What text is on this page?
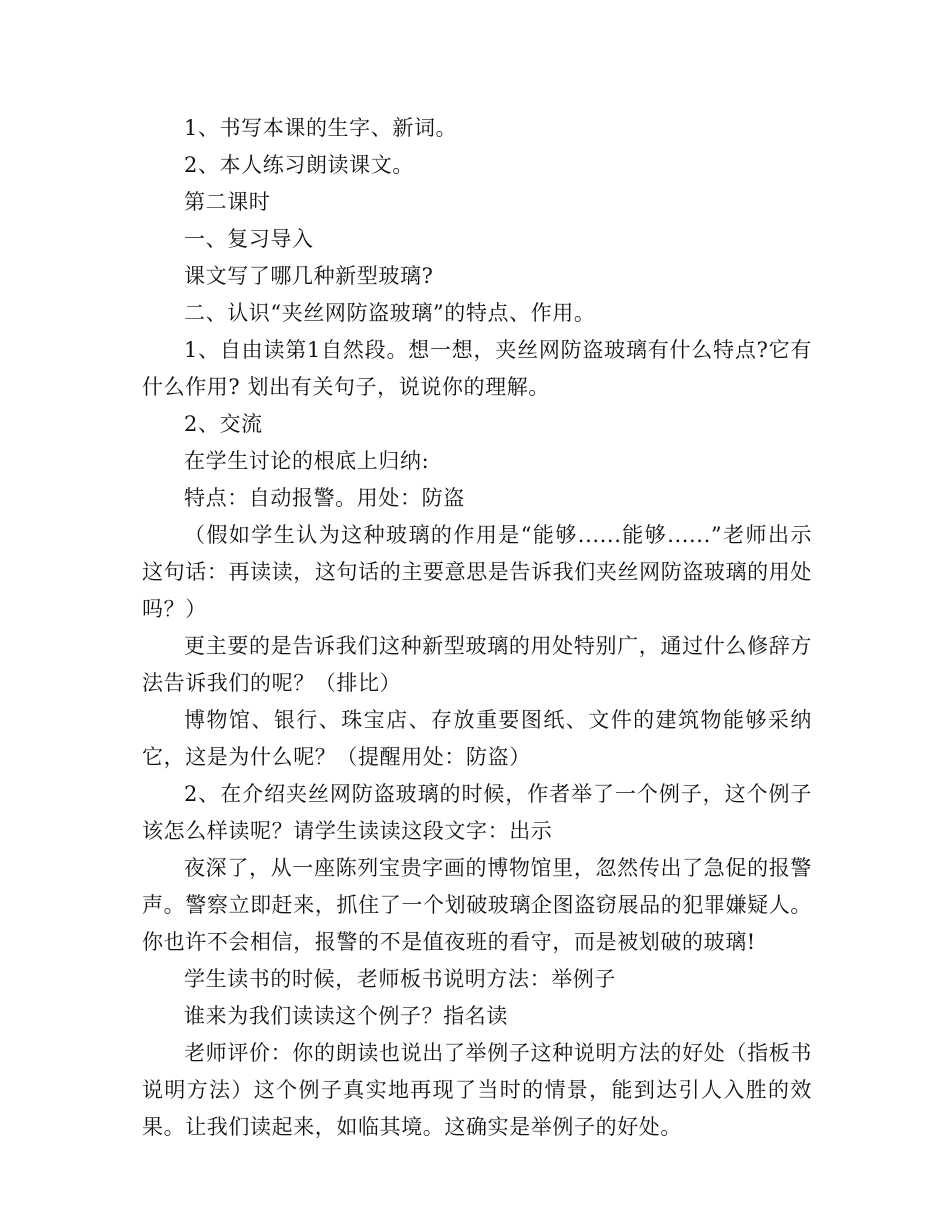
1、书写本课的生字、新词。

2、本人练习朗读课文。

第二课时

一、复习导入

课文写了哪几种新型玻璃?

二、认识“夹丝网防盗玻璃”的特点、作用。

1、自由读第1自然段。想一想，夹丝网防盗玻璃有什么特点?它有什么作用? 划出有关句子，说说你的理解。

2、交流

在学生讨论的根底上归纳:

特点：自动报警。用处：防盗

（假如学生认为这种玻璃的作用是“能够......能够......”老师出示这句话：再读读，这句话的主要意思是告诉我们夹丝网防盗玻璃的用处吗？）

更主要的是告诉我们这种新型玻璃的用处特别广，通过什么修辞方法告诉我们的呢？（排比）

博物馆、银行、珠宝店、存放重要图纸、文件的建筑物能够采纳它，这是为什么呢？（提醒用处：防盗）

2、在介绍夹丝网防盗玻璃的时候，作者举了一个例子，这个例子该怎么样读呢？请学生读读这段文字：出示

夜深了，从一座陈列宝贵字画的博物馆里，忽然传出了急促的报警声。警察立即赶来，抓住了一个划破玻璃企图盗窃展品的犯罪嫌疑人。你也许不会相信，报警的不是值夜班的看守，而是被划破的玻璃!

学生读书的时候，老师板书说明方法：举例子

谁来为我们读读这个例子？指名读

老师评价：你的朗读也说出了举例子这种说明方法的好处（指板书说明方法）这个例子真实地再现了当时的情景，能到达引人入胜的效果。让我们读起来，如临其境。这确实是举例子的好处。
